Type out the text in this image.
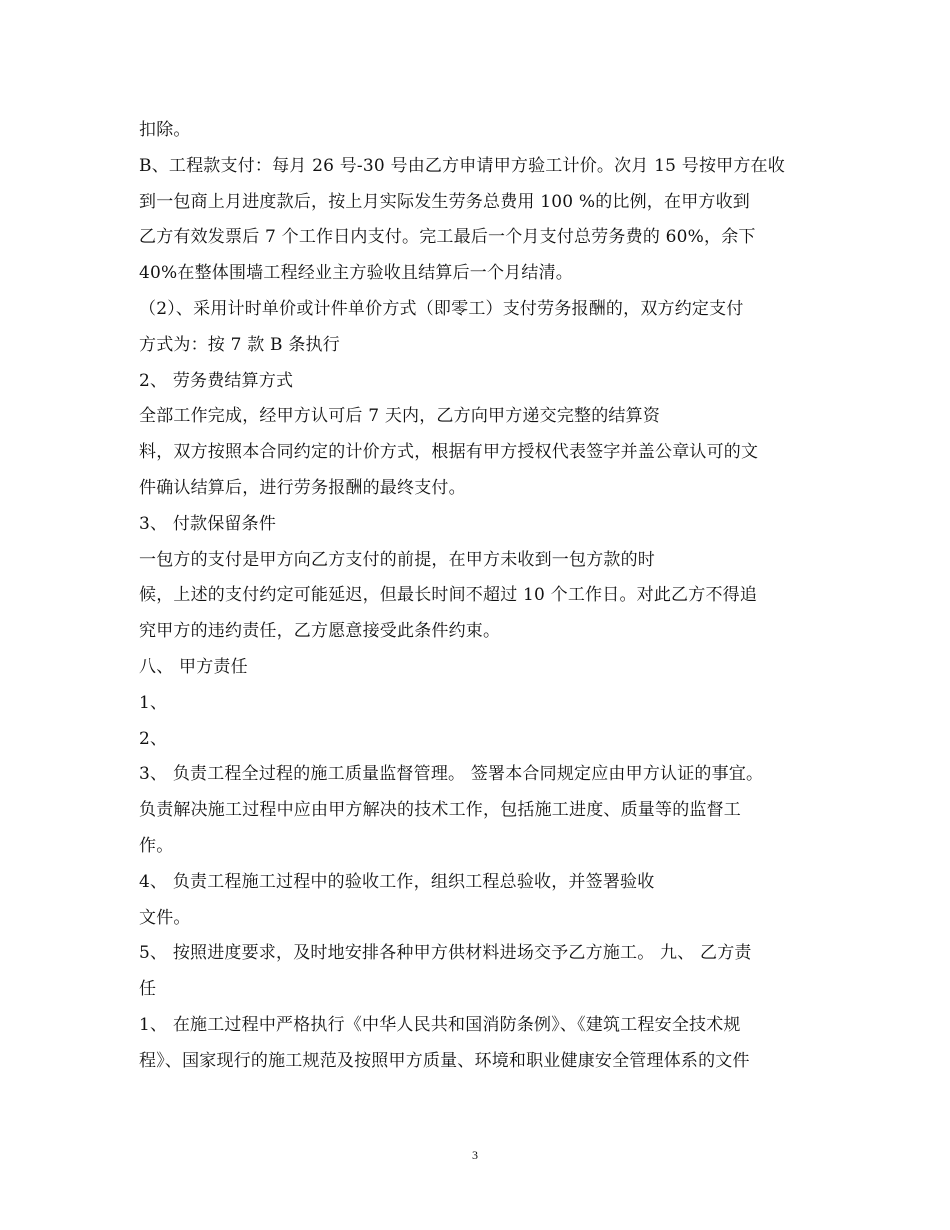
扣除。
B、工程款支付：每月 26 号-30 号由乙方申请甲方验工计价。次月 15 号按甲方在收
到一包商上月进度款后，按上月实际发生劳务总费用 100 %的比例，在甲方收到
乙方有效发票后 7 个工作日内支付。完工最后一个月支付总劳务费的 60%，余下
40%在整体围墙工程经业主方验收且结算后一个月结清。
（2）、采用计时单价或计件单价方式（即零工）支付劳务报酬的，双方约定支付
方式为：按 7 款 B 条执行
2、 劳务费结算方式
全部工作完成，经甲方认可后 7 天内，乙方向甲方递交完整的结算资
料，双方按照本合同约定的计价方式，根据有甲方授权代表签字并盖公章认可的文
件确认结算后，进行劳务报酬的最终支付。
3、 付款保留条件
一包方的支付是甲方向乙方支付的前提，在甲方未收到一包方款的时
候，上述的支付约定可能延迟，但最长时间不超过 10 个工作日。对此乙方不得追
究甲方的违约责任，乙方愿意接受此条件约束。
八、 甲方责任
1、
2、
3、 负责工程全过程的施工质量监督管理。 签署本合同规定应由甲方认证的事宜。
负责解决施工过程中应由甲方解决的技术工作，包括施工进度、质量等的监督工
作。
4、 负责工程施工过程中的验收工作，组织工程总验收，并签署验收
文件。
5、 按照进度要求，及时地安排各种甲方供材料进场交予乙方施工。 九、 乙方责
任
1、 在施工过程中严格执行《中华人民共和国消防条例》、《建筑工程安全技术规
程》、国家现行的施工规范及按照甲方质量、环境和职业健康安全管理体系的文件
3
